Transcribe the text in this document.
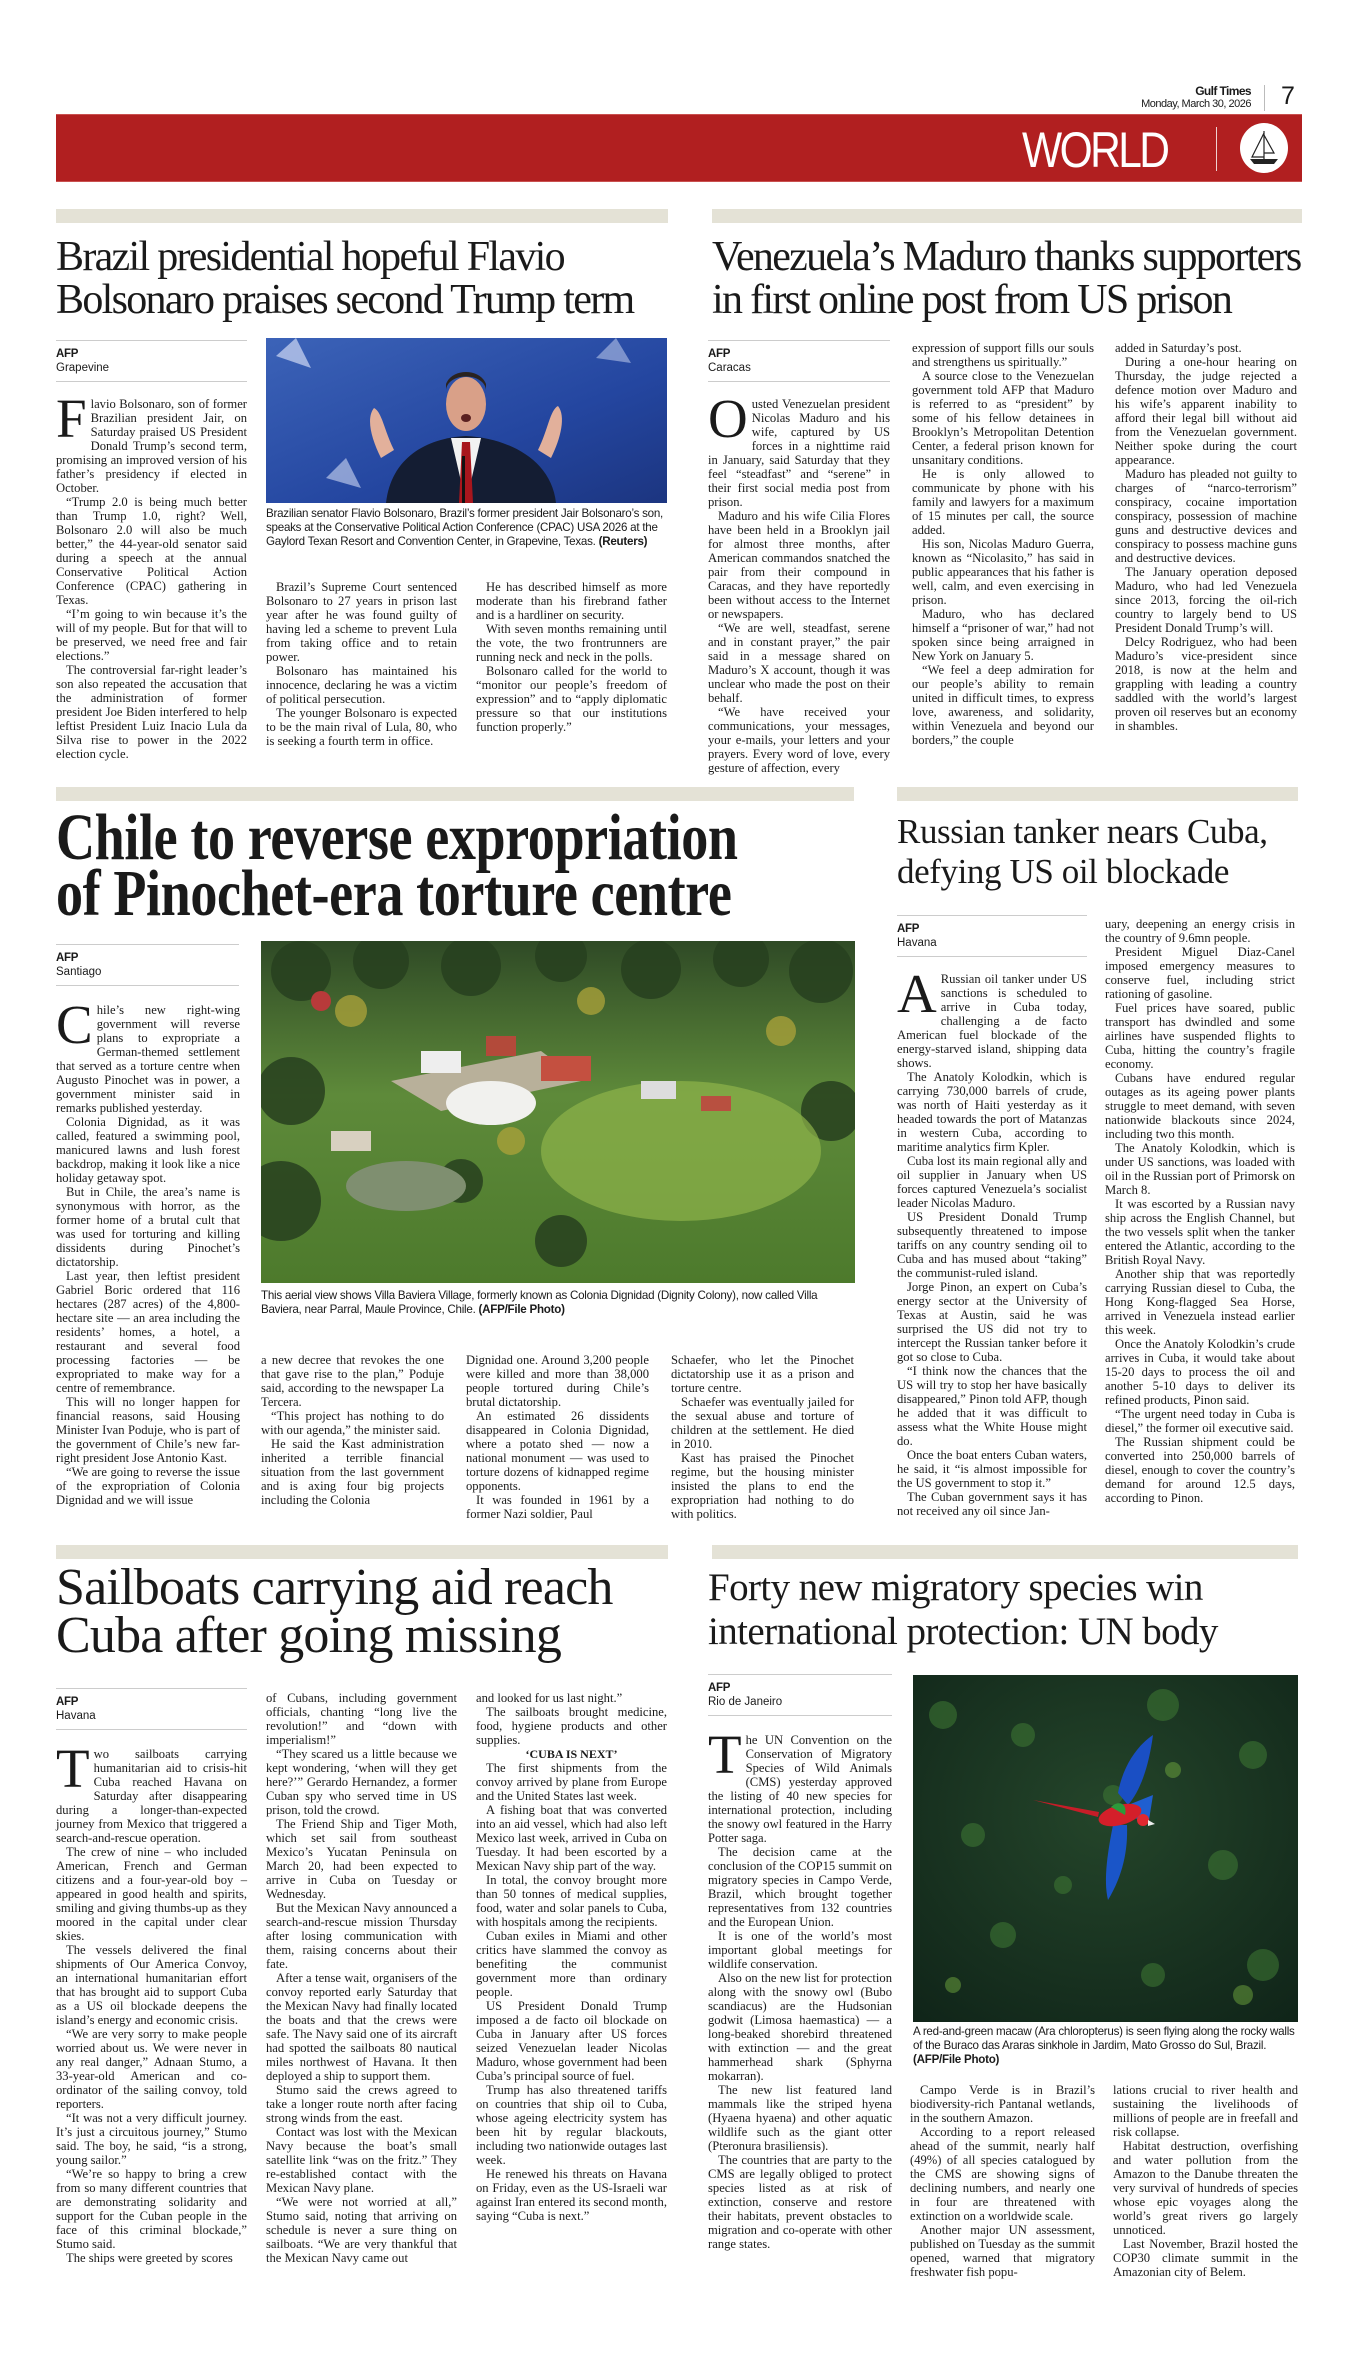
Gulf Times
Monday, March 30, 2026 7
WORLD
Brazil presidential hopeful Flavio
Bolsonaro praises second Trump term
AFP
Grapevine
Brazilian senator Flavio Bolsonaro, Brazil’s former president Jair Bolsonaro’s son, speaks at the Conservative Political Action Conference (CPAC) USA 2026 at the Gaylord Texan Resort and Convention Center, in Grapevine, Texas. (Reuters)

Flavio Bolsonaro, son of former Brazilian president Jair, on Saturday praised US President Donald Trump’s second term, promising an improved version of his father’s presidency if elected in October.

“Trump 2.0 is being much better than Trump 1.0, right? Well, Bolsonaro 2.0 will also be much better,” the 44-year-old senator said during a speech at the annual Conservative Political Action Conference (CPAC) gathering in Texas.

“I’m going to win because it’s the will of my people. But for that will to be preserved, we need free and fair elections.”

The controversial far-right leader’s son also repeated the accusation that the administration of former president Joe Biden interfered to help leftist President Luiz Inacio Lula da Silva rise to power in the 2022 election cycle.

Brazil’s Supreme Court sentenced Bolsonaro to 27 years in prison last year after he was found guilty of having led a scheme to prevent Lula from taking office and to retain power.

Bolsonaro has maintained his innocence, declaring he was a victim of political persecution.

The younger Bolsonaro is expected to be the main rival of Lula, 80, who is seeking a fourth term in office.

He has described himself as more moderate than his firebrand father and is a hardliner on security.

With seven months remaining until the vote, the two frontrunners are running neck and neck in the polls.

Bolsonaro called for the world to “monitor our people’s freedom of expression” and to “apply diplomatic pressure so that our institutions function properly.”

Venezuela’s Maduro thanks supporters
in first online post from US prison
AFP
Caracas

Ousted Venezuelan president Nicolas Maduro and his wife, captured by US forces in a nighttime raid in January, said Saturday that they feel “steadfast” and “serene” in their first social media post from prison.

Maduro and his wife Cilia Flores have been held in a Brooklyn jail for almost three months, after American commandos snatched the pair from their compound in Caracas, and they have reportedly been without access to the Internet or newspapers.

“We are well, steadfast, serene and in constant prayer,” the pair said in a message shared on Maduro’s X account, though it was unclear who made the post on their behalf.

“We have received your communications, your messages, your e-mails, your letters and your prayers. Every word of love, every gesture of affection, every

expression of support fills our souls and strengthens us spiritually.”

A source close to the Venezuelan government told AFP that Maduro is referred to as “president” by some of his fellow detainees in Brooklyn’s Metropolitan Detention Center, a federal prison known for unsanitary conditions.

He is only allowed to communicate by phone with his family and lawyers for a maximum of 15 minutes per call, the source added.

His son, Nicolas Maduro Guerra, known as “Nicolasito,” has said in public appearances that his father is well, calm, and even exercising in prison.

Maduro, who has declared himself a “prisoner of war,” had not spoken since being arraigned in New York on January 5.

“We feel a deep admiration for our people’s ability to remain united in difficult times, to express love, awareness, and solidarity, within Venezuela and beyond our borders,” the couple

added in Saturday’s post.

During a one-hour hearing on Thursday, the judge rejected a defence motion over Maduro and his wife’s apparent inability to afford their legal bill without aid from the Venezuelan government. Neither spoke during the court appearance.

Maduro has pleaded not guilty to charges of “narco-terrorism” conspiracy, cocaine importation conspiracy, possession of machine guns and destructive devices and conspiracy to possess machine guns and destructive devices.

The January operation deposed Maduro, who had led Venezuela since 2013, forcing the oil-rich country to largely bend to US President Donald Trump’s will.

Delcy Rodriguez, who had been Maduro’s vice-president since 2018, is now at the helm and grappling with leading a country saddled with the world’s largest proven oil reserves but an economy in shambles.

Chile to reverse expropriation
of Pinochet-era torture centre
AFP
Santiago
This aerial view shows Villa Baviera Village, formerly known as Colonia Dignidad (Dignity Colony), now called Villa Baviera, near Parral, Maule Province, Chile. (AFP/File Photo)

Chile’s new right-wing government will reverse plans to expropriate a German-themed settlement that served as a torture centre when Augusto Pinochet was in power, a government minister said in remarks published yesterday.

Colonia Dignidad, as it was called, featured a swimming pool, manicured lawns and lush forest backdrop, making it look like a nice holiday getaway spot.

But in Chile, the area’s name is synonymous with horror, as the former home of a brutal cult that was used for torturing and killing dissidents during Pinochet’s dictatorship.

Last year, then leftist president Gabriel Boric ordered that 116 hectares (287 acres) of the 4,800-hectare site — an area including the residents’ homes, a hotel, a restaurant and several food processing factories — be expropriated to make way for a centre of remembrance.

This will no longer happen for financial reasons, said Housing Minister Ivan Poduje, who is part of the government of Chile’s new far-right president Jose Antonio Kast.

“We are going to reverse the issue of the expropriation of Colonia Dignidad and we will issue

a new decree that revokes the one that gave rise to the plan,” Poduje said, according to the newspaper La Tercera.

“This project has nothing to do with our agenda,” the minister said.

He said the Kast administration inherited a terrible financial situation from the last government and is axing four big projects including the Colonia

Dignidad one. Around 3,200 people were killed and more than 38,000 people tortured during Chile’s brutal dictatorship.

An estimated 26 dissidents disappeared in Colonia Dignidad, where a potato shed — now a national monument — was used to torture dozens of kidnapped regime opponents.

It was founded in 1961 by a former Nazi soldier, Paul

Schaefer, who let the Pinochet dictatorship use it as a prison and torture centre.

Schaefer was eventually jailed for the sexual abuse and torture of children at the settlement. He died in 2010.

Kast has praised the Pinochet regime, but the housing minister insisted the plans to end the expropriation had nothing to do with politics.

Russian tanker nears Cuba,
defying US oil blockade
AFP
Havana

A Russian oil tanker under US sanctions is scheduled to arrive in Cuba today, challenging a de facto American fuel blockade of the energy-starved island, shipping data shows.

The Anatoly Kolodkin, which is carrying 730,000 barrels of crude, was north of Haiti yesterday as it headed towards the port of Matanzas in western Cuba, according to maritime analytics firm Kpler.

Cuba lost its main regional ally and oil supplier in January when US forces captured Venezuela’s socialist leader Nicolas Maduro.

US President Donald Trump subsequently threatened to impose tariffs on any country sending oil to Cuba and has mused about “taking” the communist-ruled island.

Jorge Pinon, an expert on Cuba’s energy sector at the University of Texas at Austin, said he was surprised the US did not try to intercept the Russian tanker before it got so close to Cuba.

“I think now the chances that the US will try to stop her have basically disappeared,” Pinon told AFP, though he added that it was difficult to assess what the White House might do.

Once the boat enters Cuban waters, he said, it “is almost impossible for the US government to stop it.”

The Cuban government says it has not received any oil since Jan-

uary, deepening an energy crisis in the country of 9.6mn people.

President Miguel Diaz-Canel imposed emergency measures to conserve fuel, including strict rationing of gasoline.

Fuel prices have soared, public transport has dwindled and some airlines have suspended flights to Cuba, hitting the country’s fragile economy.

Cubans have endured regular outages as its ageing power plants struggle to meet demand, with seven nationwide blackouts since 2024, including two this month.

The Anatoly Kolodkin, which is under US sanctions, was loaded with oil in the Russian port of Primorsk on March 8.

It was escorted by a Russian navy ship across the English Channel, but the two vessels split when the tanker entered the Atlantic, according to the British Royal Navy.

Another ship that was reportedly carrying Russian diesel to Cuba, the Hong Kong-flagged Sea Horse, arrived in Venezuela instead earlier this week.

Once the Anatoly Kolodkin’s crude arrives in Cuba, it would take about 15-20 days to process the oil and another 5-10 days to deliver its refined products, Pinon said.

“The urgent need today in Cuba is diesel,” the former oil executive said.

The Russian shipment could be converted into 250,000 barrels of diesel, enough to cover the country’s demand for around 12.5 days, according to Pinon.

Sailboats carrying aid reach
Cuba after going missing
AFP
Havana

Two sailboats carrying humanitarian aid to crisis-hit Cuba reached Havana on Saturday after disappearing during a longer-than-expected journey from Mexico that triggered a search-and-rescue operation.

The crew of nine – who included American, French and German citizens and a four-year-old boy – appeared in good health and spirits, smiling and giving thumbs-up as they moored in the capital under clear skies.

The vessels delivered the final shipments of Our America Convoy, an international humanitarian effort that has brought aid to support Cuba as a US oil blockade deepens the island’s energy and economic crisis.

“We are very sorry to make people worried about us. We were never in any real danger,” Adnaan Stumo, a 33-year-old American and co-ordinator of the sailing convoy, told reporters.

“It was not a very difficult journey. It’s just a circuitous journey,” Stumo said. The boy, he said, “is a strong, young sailor.”

“We’re so happy to bring a crew from so many different countries that are demonstrating solidarity and support for the Cuban people in the face of this criminal blockade,” Stumo said.

The ships were greeted by scores

of Cubans, including government officials, chanting “long live the revolution!” and “down with imperialism!”

“They scared us a little because we kept wondering, ‘when will they get here?’” Gerardo Hernandez, a former Cuban spy who served time in US prison, told the crowd.

The Friend Ship and Tiger Moth, which set sail from southeast Mexico’s Yucatan Peninsula on March 20, had been expected to arrive in Cuba on Tuesday or Wednesday.

But the Mexican Navy announced a search-and-rescue mission Thursday after losing communication with them, raising concerns about their fate.

After a tense wait, organisers of the convoy reported early Saturday that the Mexican Navy had finally located the boats and that the crews were safe. The Navy said one of its aircraft had spotted the sailboats 80 nautical miles northwest of Havana. It then deployed a ship to support them.

Stumo said the crews agreed to take a longer route north after facing strong winds from the east.

Contact was lost with the Mexican Navy because the boat’s small satellite link “was on the fritz.” They re-established contact with the Mexican Navy plane.

“We were not worried at all,” Stumo said, noting that arriving on schedule is never a sure thing on sailboats. “We are very thankful that the Mexican Navy came out

and looked for us last night.”

The sailboats brought medicine, food, hygiene products and other supplies.

‘CUBA IS NEXT’

The first shipments from the convoy arrived by plane from Europe and the United States last week.

A fishing boat that was converted into an aid vessel, which had also left Mexico last week, arrived in Cuba on Tuesday. It had been escorted by a Mexican Navy ship part of the way.

In total, the convoy brought more than 50 tonnes of medical supplies, food, water and solar panels to Cuba, with hospitals among the recipients.

Cuban exiles in Miami and other critics have slammed the convoy as benefiting the communist government more than ordinary people.

US President Donald Trump imposed a de facto oil blockade on Cuba in January after US forces seized Venezuelan leader Nicolas Maduro, whose government had been Cuba’s principal source of fuel.

Trump has also threatened tariffs on countries that ship oil to Cuba, whose ageing electricity system has been hit by regular blackouts, including two nationwide outages last week.

He renewed his threats on Havana on Friday, even as the US-Israeli war against Iran entered its second month, saying “Cuba is next.”

Forty new migratory species win
international protection: UN body
AFP
Rio de Janeiro
A red-and-green macaw (Ara chloropterus) is seen flying along the rocky walls of the Buraco das Araras sinkhole in Jardim, Mato Grosso do Sul, Brazil. (AFP/File Photo)

The UN Convention on the Conservation of Migratory Species of Wild Animals (CMS) yesterday approved the listing of 40 new species for international protection, including the snowy owl featured in the Harry Potter saga.

The decision came at the conclusion of the COP15 summit on migratory species in Campo Verde, Brazil, which brought together representatives from 132 countries and the European Union.

It is one of the world’s most important global meetings for wildlife conservation.

Also on the new list for protection along with the snowy owl (Bubo scandiacus) are the Hudsonian godwit (Limosa haemastica) — a long-beaked shorebird threatened with extinction — and the great hammerhead shark (Sphyrna mokarran).

The new list featured land mammals like the striped hyena (Hyaena hyaena) and other aquatic wildlife such as the giant otter (Pteronura brasiliensis).

The countries that are party to the CMS are legally obliged to protect species listed as at risk of extinction, conserve and restore their habitats, prevent obstacles to migration and co-operate with other range states.

Campo Verde is in Brazil’s biodiversity-rich Pantanal wetlands, in the southern Amazon.

According to a report released ahead of the summit, nearly half (49%) of all species catalogued by the CMS are showing signs of declining numbers, and nearly one in four are threatened with extinction on a worldwide scale.

Another major UN assessment, published on Tuesday as the summit opened, warned that migratory freshwater fish popu-

lations crucial to river health and sustaining the livelihoods of millions of people are in freefall and risk collapse.

Habitat destruction, overfishing and water pollution from the Amazon to the Danube threaten the very survival of hundreds of species whose epic voyages along the world’s great rivers go largely unnoticed.

Last November, Brazil hosted the COP30 climate summit in the Amazonian city of Belem.
